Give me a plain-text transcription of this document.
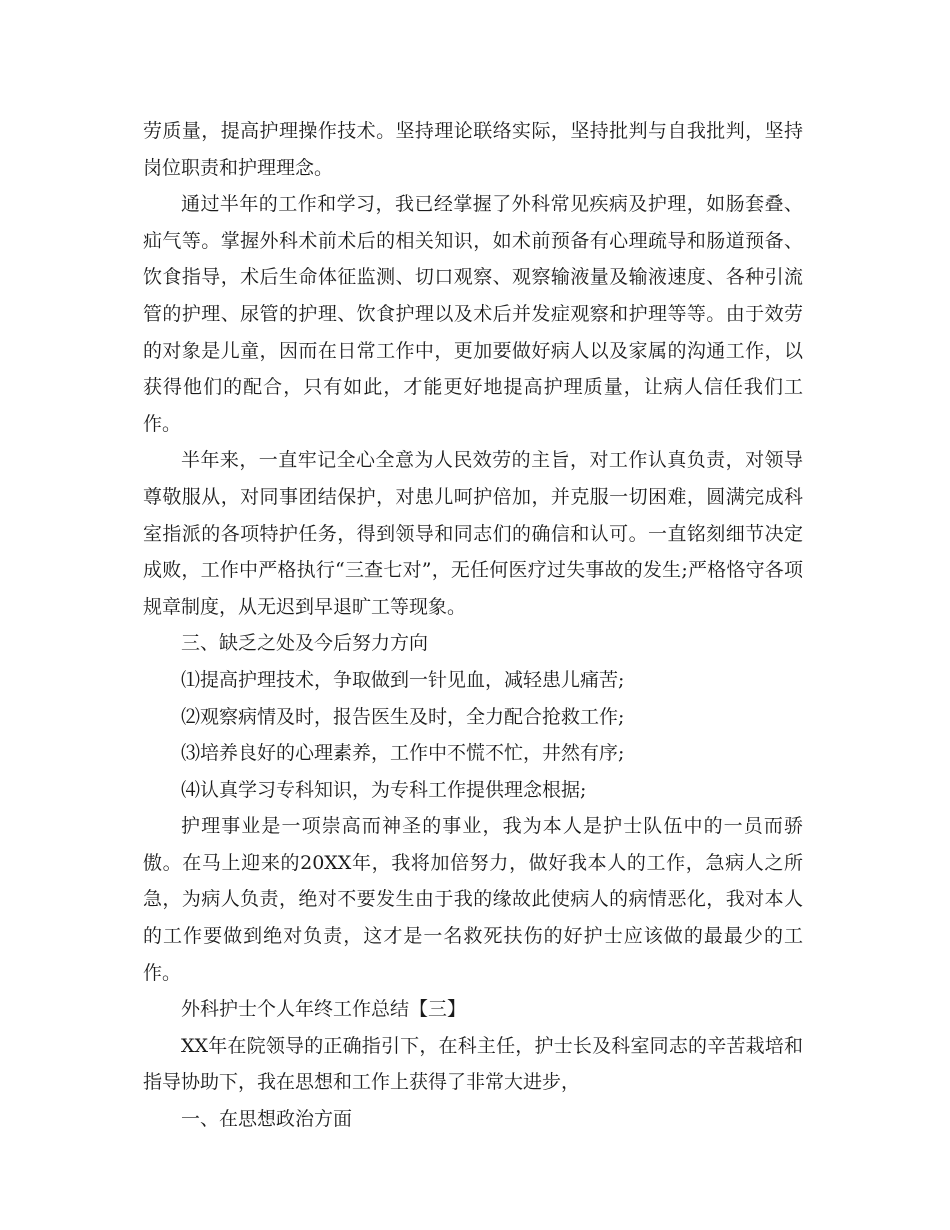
劳质量，提高护理操作技术。坚持理论联络实际，坚持批判与自我批判，坚持岗位职责和护理理念。

通过半年的工作和学习，我已经掌握了外科常见疾病及护理，如肠套叠、疝气等。掌握外科术前术后的相关知识，如术前预备有心理疏导和肠道预备、饮食指导，术后生命体征监测、切口观察、观察输液量及输液速度、各种引流管的护理、尿管的护理、饮食护理以及术后并发症观察和护理等等。由于效劳的对象是儿童，因而在日常工作中，更加要做好病人以及家属的沟通工作，以获得他们的配合，只有如此，才能更好地提高护理质量，让病人信任我们工作。

半年来，一直牢记全心全意为人民效劳的主旨，对工作认真负责，对领导尊敬服从，对同事团结保护，对患儿呵护倍加，并克服一切困难，圆满完成科室指派的各项特护任务，得到领导和同志们的确信和认可。一直铭刻细节决定成败，工作中严格执行“三查七对”，无任何医疗过失事故的发生;严格恪守各项规章制度，从无迟到早退旷工等现象。

三、缺乏之处及今后努力方向

⑴提高护理技术，争取做到一针见血，减轻患儿痛苦;

⑵观察病情及时，报告医生及时，全力配合抢救工作;

⑶培养良好的心理素养，工作中不慌不忙，井然有序;

⑷认真学习专科知识，为专科工作提供理念根据;

护理事业是一项崇高而神圣的事业，我为本人是护士队伍中的一员而骄傲。在马上迎来的20XX年，我将加倍努力，做好我本人的工作，急病人之所急，为病人负责，绝对不要发生由于我的缘故此使病人的病情恶化，我对本人的工作要做到绝对负责，这才是一名救死扶伤的好护士应该做的最最少的工作。

外科护士个人年终工作总结【三】

XX年在院领导的正确指引下，在科主任，护士长及科室同志的辛苦栽培和指导协助下，我在思想和工作上获得了非常大进步，

一、在思想政治方面
